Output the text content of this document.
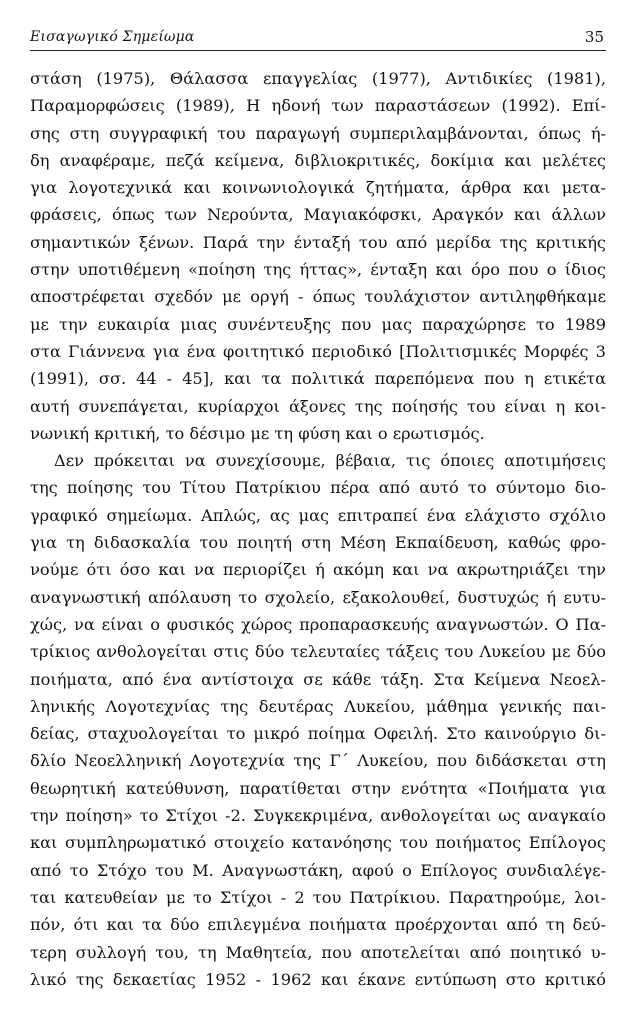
Εισαγωγικό Σημείωμα	35
στάση (1975), Θάλασσα επαγγελίας (1977), Αντιδικίες (1981),
Παραμορφώσεις (1989), Η ηδονή των παραστάσεων (1992). Επί-
σης στη συγγραφική του παραγωγή συμπεριλαμβάνονται, όπως ή-
δη αναφέραμε, πεζά κείμενα, διβλιοκριτικές, δοκίμια και μελέτες
για λογοτεχνικά και κοινωνιολογικά ζητήματα, άρθρα και μετα-
φράσεις, όπως των Νερούντα, Μαγιακόφσκι, Αραγκόν και άλλων
σημαντικών ξένων. Παρά την ένταξή του από μερίδα της κριτικής
στην υποτιθέμενη «ποίηση της ήττας», ένταξη και όρο που ο ίδιος
αποστρέφεται σχεδόν με οργή - όπως τουλάχιστον αντιληφθήκαμε
με την ευκαιρία μιας συνέντευξης που μας παραχώρησε το 1989
στα Γιάννενα για ένα φοιτητικό περιοδικό [Πολιτισμικές Μορφές 3
(1991), σσ. 44 - 45], και τα πολιτικά παρεπόμενα που η ετικέτα
αυτή συνεπάγεται, κυρίαρχοι άξονες της ποίησής του είναι η κοι-
νωνική κριτική, το δέσιμο με τη φύση και ο ερωτισμός.
Δεν πρόκειται να συνεχίσουμε, βέβαια, τις όποιες αποτιμήσεις
της ποίησης του Τίτου Πατρίκιου πέρα από αυτό το σύντομο διο-
γραφικό σημείωμα. Απλώς, ας μας επιτραπεί ένα ελάχιστο σχόλιο
για τη διδασκαλία του ποιητή στη Μέση Εκπαίδευση, καθώς φρο-
νούμε ότι όσο και να περιορίζει ή ακόμη και να ακρωτηριάζει την
αναγνωστική απόλαυση το σχολείο, εξακολουθεί, δυστυχώς ή ευτυ-
χώς, να είναι ο φυσικός χώρος προπαρασκευής αναγνωστών. Ο Πα-
τρίκιος ανθολογείται στις δύο τελευταίες τάξεις του Λυκείου με δύο
ποιήματα, από ένα αντίστοιχα σε κάθε τάξη. Στα Κείμενα Νεοελ-
ληνικής Λογοτεχνίας της δευτέρας Λυκείου, μάθημα γενικής παι-
δείας, σταχυολογείται το μικρό ποίημα Οφειλή. Στο καινούργιο δι-
δλίο Νεοελληνική Λογοτεχνία της Γ΄ Λυκείου, που διδάσκεται στη
θεωρητική κατεύθυνση, παρατίθεται στην ενότητα «Ποιήματα για
την ποίηση» το Στίχοι -2. Συγκεκριμένα, ανθολογείται ως αναγκαίο
και συμπληρωματικό στοιχείο κατανόησης του ποιήματος Επίλογος
από το Στόχο του Μ. Αναγνωστάκη, αφού ο Επίλογος συνδιαλέγε-
ται κατευθείαν με το Στίχοι - 2 του Πατρίκιου. Παρατηρούμε, λοι-
πόν, ότι και τα δύο επιλεγμένα ποιήματα προέρχονται από τη δεύ-
τερη συλλογή του, τη Μαθητεία, που αποτελείται από ποιητικό υ-
λικό της δεκαετίας 1952 - 1962 και έκανε εντύπωση στο κριτικό
